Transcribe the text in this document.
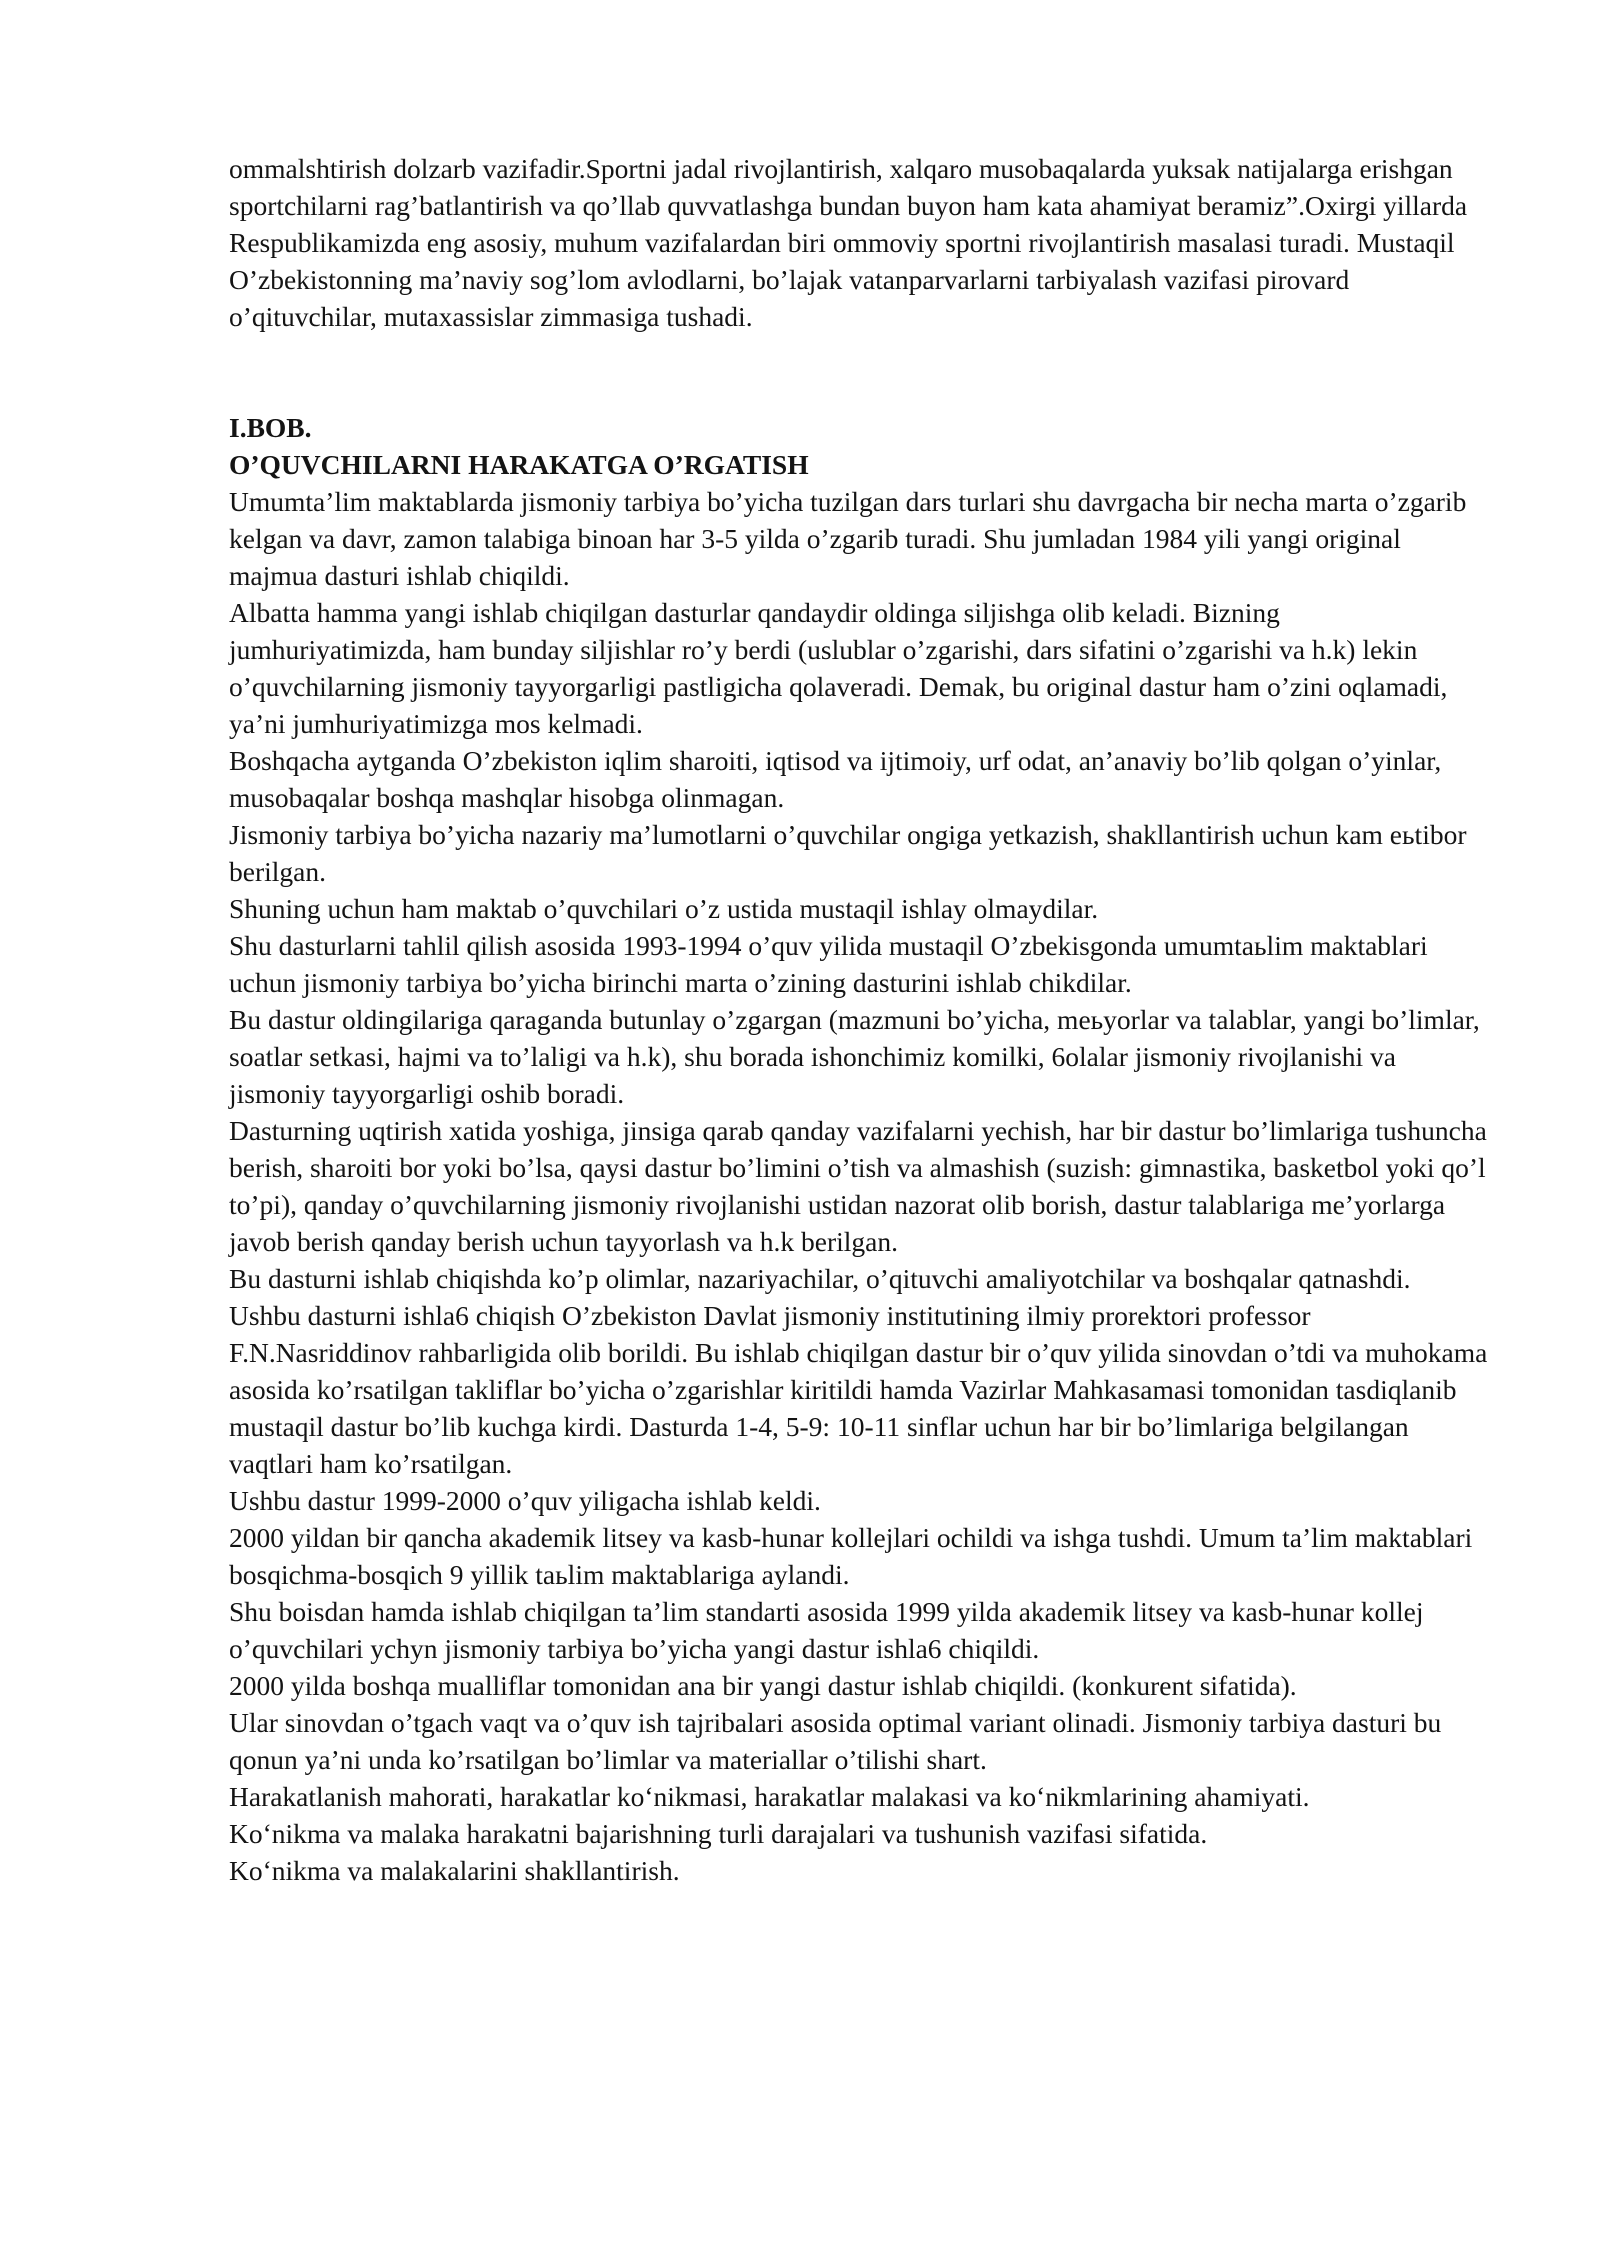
ommalshtirish dolzarb vazifadir.Sportni jadal rivojlantirish, xalqaro musobaqalarda yuksak natijalarga erishgan sportchilarni rag’batlantirish va qo’llab quvvatlashga bundan buyon ham kata ahamiyat beramiz”.Oxirgi yillarda Respublikamizda eng asosiy, muhum vazifalardan biri ommoviy sportni rivojlantirish masalasi turadi. Mustaqil O’zbekistonning ma’naviy sog’lom avlodlarni, bo’lajak vatanparvarlarni tarbiyalash vazifasi pirovard o’qituvchilar, mutaxassislar zimmasiga tushadi.

I.BOB.

O’QUVCHILARNI HARAKATGA O’RGATISH

Umumta’lim maktablarda jismoniy tarbiya bo’yicha tuzilgan dars turlari shu davrgacha bir necha marta o’zgarib kelgan va davr, zamon talabiga binoan har 3-5 yilda o’zgarib turadi. Shu jumladan 1984 yili yangi original majmua dasturi ishlab chiqildi.

Albatta hamma yangi ishlab chiqilgan dasturlar qandaydir oldinga siljishga olib keladi. Bizning jumhuriyatimizda, ham bunday siljishlar ro’y berdi (uslublar o’zgarishi, dars sifatini o’zgarishi va h.k) lekin o’quvchilarning jismoniy tayyorgarligi pastligicha qolaveradi. Demak, bu original dastur ham o’zini oqlamadi, ya’ni jumhuriyatimizga mos kelmadi.

Boshqacha aytganda O’zbekiston iqlim sharoiti, iqtisod va ijtimoiy, urf odat, an’anaviy bo’lib qolgan o’yinlar, musobaqalar boshqa mashqlar hisobga olinmagan.

Jismoniy tarbiya bo’yicha nazariy ma’lumotlarni o’quvchilar ongiga yetkazish, shakllantirish uchun kam eьtibor berilgan.

Shuning uchun ham maktab o’quvchilari o’z ustida mustaqil ishlay olmaydilar.

Shu dasturlarni tahlil qilish asosida 1993-1994 o’quv yilida mustaqil O’zbekisgonda umumtaьlim maktablari uchun jismoniy tarbiya bo’yicha birinchi marta o’zining dasturini ishlab chikdilar.

Bu dastur oldingilariga qaraganda butunlay o’zgargan (mazmuni bo’yicha, meьyorlar va talablar, yangi bo’limlar, soatlar setkasi, hajmi va to’laligi va h.k), shu borada ishonchimiz komilki, 6olalar jismoniy rivojlanishi va jismoniy tayyorgarligi oshib boradi.

Dasturning uqtirish xatida yoshiga, jinsiga qarab qanday vazifalarni yechish, har bir dastur bo’limlariga tushuncha berish, sharoiti bor yoki bo’lsa, qaysi dastur bo’limini o’tish va almashish (suzish: gimnastika, basketbol yoki qo’l to’pi), qanday o’quvchilarning jismoniy rivojlanishi ustidan nazorat olib borish, dastur talablariga me’yorlarga javob berish qanday berish uchun tayyorlash va h.k berilgan.

Bu dasturni ishlab chiqishda ko’p olimlar, nazariyachilar, o’qituvchi amaliyotchilar va boshqalar qatnashdi.

Ushbu dasturni ishla6 chiqish O’zbekiston Davlat jismoniy institutining ilmiy prorektori professor F.N.Nasriddinov rahbarligida olib borildi. Bu ishlab chiqilgan dastur bir o’quv yilida sinovdan o’tdi va muhokama asosida ko’rsatilgan takliflar bo’yicha o’zgarishlar kiritildi hamda Vazirlar Mahkasamasi tomonidan tasdiqlanib mustaqil dastur bo’lib kuchga kirdi. Dasturda 1-4, 5-9: 10-11 sinflar uchun har bir bo’limlariga belgilangan vaqtlari ham ko’rsatilgan.

Ushbu dastur 1999-2000 o’quv yiligacha ishlab keldi.

2000 yildan bir qancha akademik litsey va kasb-hunar kollejlari ochildi va ishga tushdi. Umum ta’lim maktablari bosqichma-bosqich 9 yillik taьlim maktablariga aylandi.

Shu boisdan hamda ishlab chiqilgan ta’lim standarti asosida 1999 yilda akademik litsey va kasb-hunar kollej o’quvchilari ychyn jismoniy tarbiya bo’yicha yangi dastur ishla6 chiqildi.

2000 yilda boshqa mualliflar tomonidan ana bir yangi dastur ishlab chiqildi. (konkurent sifatida).

Ular sinovdan o’tgach vaqt va o’quv ish tajribalari asosida optimal variant olinadi. Jismoniy tarbiya dasturi bu qonun ya’ni unda ko’rsatilgan bo’limlar va materiallar o’tilishi shart.

Harakatlanish mahorati, harakatlar ko‘nikmasi, harakatlar malakasi va ko‘nikmlarining ahamiyati.

Ko‘nikma va malaka harakatni bajarishning turli darajalari va tushunish vazifasi sifatida.

Ko‘nikma va malakalarini shakllantirish.
